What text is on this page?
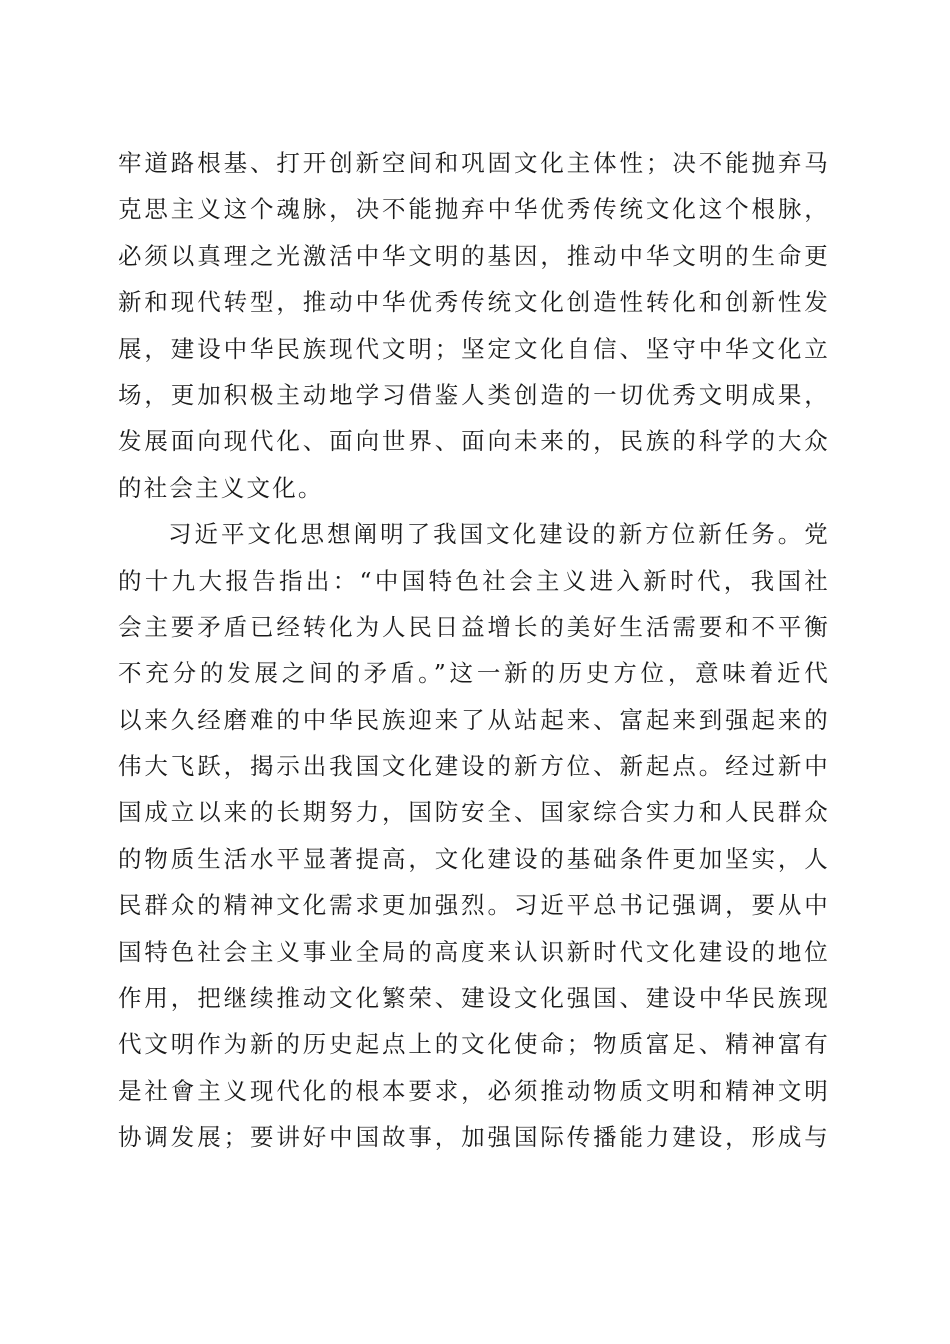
牢道路根基、打开创新空间和巩固文化主体性；决不能抛弃马
克思主义这个魂脉，决不能抛弃中华优秀传统文化这个根脉，
必须以真理之光激活中华文明的基因，推动中华文明的生命更
新和现代转型，推动中华优秀传统文化创造性转化和创新性发
展，建设中华民族现代文明；坚定文化自信、坚守中华文化立
场，更加积极主动地学习借鉴人类创造的一切优秀文明成果，
发展面向现代化、面向世界、面向未来的，民族的科学的大众
的社会主义文化。
习近平文化思想阐明了我国文化建设的新方位新任务。党
的十九大报告指出：“中国特色社会主义进入新时代，我国社
会主要矛盾已经转化为人民日益增长的美好生活需要和不平衡
不充分的发展之间的矛盾。”这一新的历史方位，意味着近代
以来久经磨难的中华民族迎来了从站起来、富起来到强起来的
伟大飞跃，揭示出我国文化建设的新方位、新起点。经过新中
国成立以来的长期努力，国防安全、国家综合实力和人民群众
的物质生活水平显著提高，文化建设的基础条件更加坚实，人
民群众的精神文化需求更加强烈。习近平总书记强调，要从中
国特色社会主义事业全局的高度来认识新时代文化建设的地位
作用，把继续推动文化繁荣、建设文化强国、建设中华民族现
代文明作为新的历史起点上的文化使命；物质富足、精神富有
是社會主义现代化的根本要求，必须推动物质文明和精神文明
协调发展；要讲好中国故事，加强国际传播能力建设，形成与
